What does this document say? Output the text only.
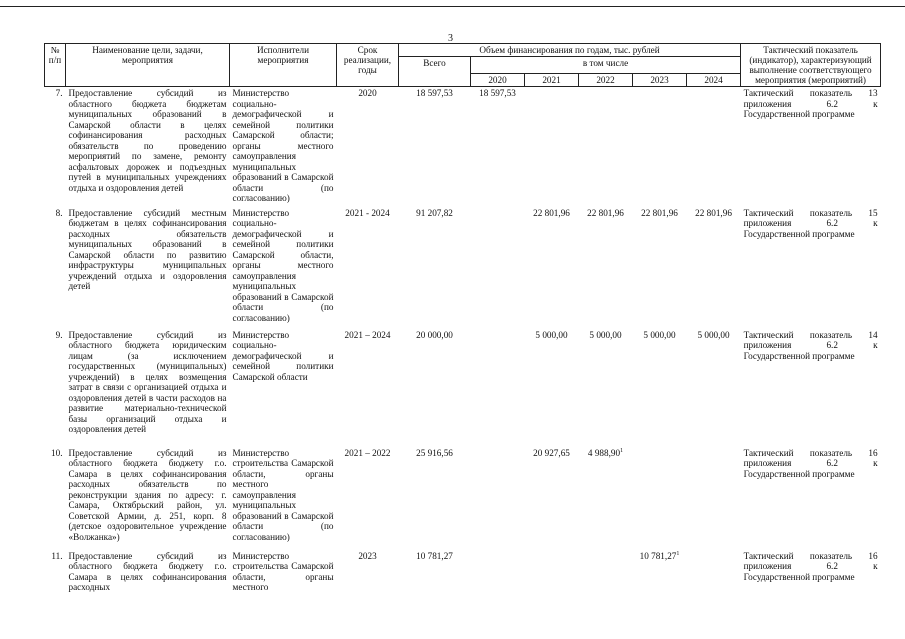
3
№ п/п	Наименование цели, задачи, мероприятия	Исполнители мероприятия	Срок реализации, годы	Объем финансирования по годам, тыс. рублей						Тактический показатель (индикатор), характеризующий выполнение соответствующего мероприятия (мероприятий)
				Всего	в том числе					
					2020	2021	2022	2023	2024	
7.	Предоставление субсидий из областного бюджета бюджетам муниципальных образований в Самарской области в целях софинансирования расходных обязательств по проведению мероприятий по замене, ремонту асфальтовых дорожек и подъездных путей в муниципальных учреждениях отдыха и оздоровления детей	Министерство социально-демографической и семейной политики Самарской области; органы местного самоуправления муниципальных образований в Самарской области (по согласованию)	2020	18 597,53	18 597,53					Тактический показатель 13 приложения 6.2 к Государственной программе
8.	Предоставление субсидий местным бюджетам в целях софинансирования расходных обязательств муниципальных образований в Самарской области по развитию инфраструктуры муниципальных учреждений отдыха и оздоровления детей	Министерство социально-демографической и семейной политики Самарской области, органы местного самоуправления муниципальных образований в Самарской области (по согласованию)	2021 - 2024	91 207,82		22 801,96	22 801,96	22 801,96	22 801,96	Тактический показатель 15 приложения 6.2 к Государственной программе
9.	Предоставление субсидий из областного бюджета юридическим лицам (за исключением государственных (муниципальных) учреждений) в целях возмещения затрат в связи с организацией отдыха и оздоровления детей в части расходов на развитие материально-технической базы организаций отдыха и оздоровления детей	Министерство социально-демографической и семейной политики Самарской области	2021 – 2024	20 000,00		5 000,00	5 000,00	5 000,00	5 000,00	Тактический показатель 14 приложения 6.2 к Государственной программе
10.	Предоставление субсидий из областного бюджета бюджету г.о. Самара в целях софинансирования расходных обязательств по реконструкции здания по адресу: г. Самара, Октябрьский район, ул. Советской Армии, д. 251, корп. 8 (детское оздоровительное учреждение «Волжанка»)	Министерство строительства Самарской области, органы местного самоуправления муниципальных образований в Самарской области (по согласованию)	2021 – 2022	25 916,56		20 927,65	4 988,90$^1$			Тактический показатель 16 приложения 6.2 к Государственной программе
11.	Предоставление субсидий из областного бюджета бюджету г.о. Самара в целях софинансирования расходных	Министерство строительства Самарской области, органы местного	2023	10 781,27				10 781,27$^1$		Тактический показатель 16 приложения 6.2 к Государственной программе
